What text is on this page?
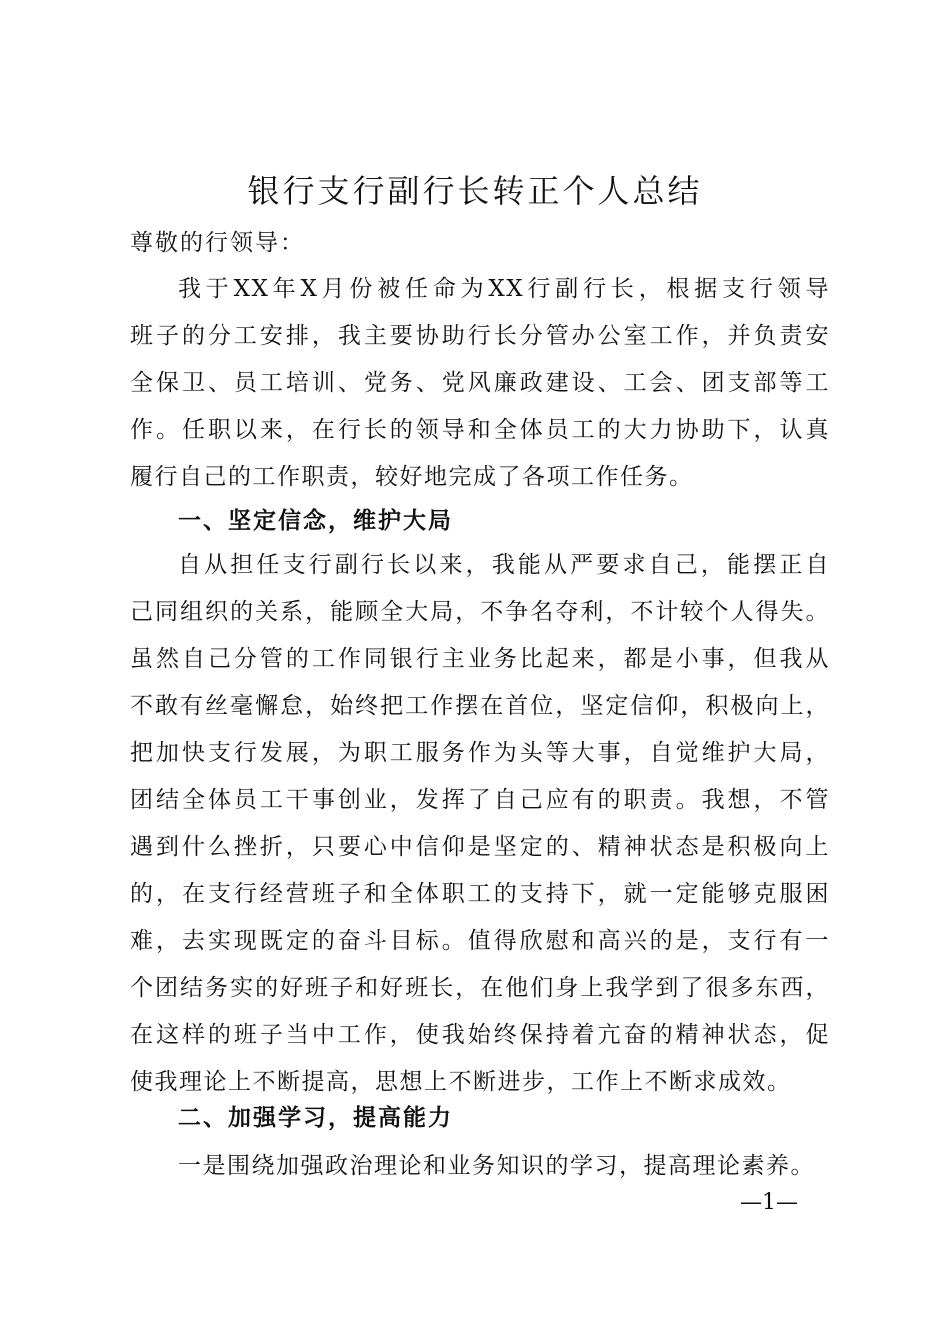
银行支行副行长转正个人总结
尊敬的行领导：
我于XX年X月份被任命为XX行副行长，根据支行领导
班子的分工安排，我主要协助行长分管办公室工作，并负责安
全保卫、员工培训、党务、党风廉政建设、工会、团支部等工
作。任职以来，在行长的领导和全体员工的大力协助下，认真
履行自己的工作职责，较好地完成了各项工作任务。
一、坚定信念，维护大局
自从担任支行副行长以来，我能从严要求自己，能摆正自
己同组织的关系，能顾全大局，不争名夺利，不计较个人得失。
虽然自己分管的工作同银行主业务比起来，都是小事，但我从
不敢有丝毫懈怠，始终把工作摆在首位，坚定信仰，积极向上，
把加快支行发展，为职工服务作为头等大事，自觉维护大局，
团结全体员工干事创业，发挥了自己应有的职责。我想，不管
遇到什么挫折，只要心中信仰是坚定的、精神状态是积极向上
的，在支行经营班子和全体职工的支持下，就一定能够克服困
难，去实现既定的奋斗目标。值得欣慰和高兴的是，支行有一
个团结务实的好班子和好班长，在他们身上我学到了很多东西，
在这样的班子当中工作，使我始终保持着亢奋的精神状态，促
使我理论上不断提高，思想上不断进步，工作上不断求成效。
二、加强学习，提高能力
一是围绕加强政治理论和业务知识的学习，提高理论素养。
—1—
